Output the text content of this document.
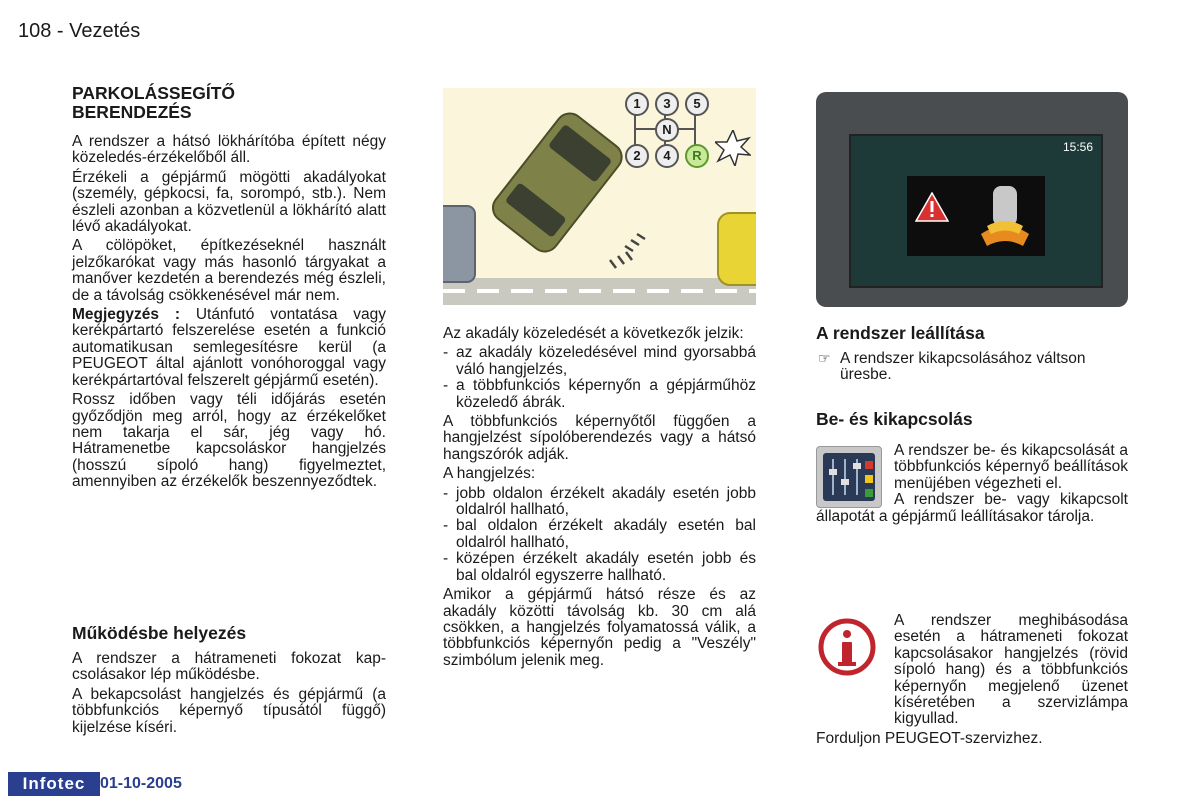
108 - Vezetés

PARKOLÁSSEGÍTŐ

BERENDEZÉS

A rendszer a hátsó lökhárítóba épített négy közeledés-érzékelőből áll.

Érzékeli a gépjármű mögötti akadályokat (személy, gépkocsi, fa, sorompó, stb.). Nem észleli azonban a közvetlenül a lökhárító alatt lévő akadályokat.

A cölöpöket, építkezéseknél használt jelzőkarókat vagy más hasonló tárgyakat a manőver kezdetén a berendezés még észleli, de a távolság csökkenésével már nem.

Megjegyzés : Utánfutó vontatása vagy kerékpártartó felszerelése esetén a funkció automatikusan semlegesítésre kerül (a PEUGEOT által ajánlott vonóhoroggal vagy kerékpártartóval felszerelt gépjármű esetén).

Rossz időben vagy téli időjárás esetén győződjön meg arról, hogy az érzékelőket nem takarja el sár, jég vagy hó. Hátramenetbe kapcsoláskor hangjelzés (hosszú sípoló hang) figyelmeztet, amennyiben az érzékelők beszennyeződtek.

Működésbe helyezés

A rendszer a hátrameneti fokozat kapcsolásakor lép működésbe.

A bekapcsolást hangjelzés és gépjármű (a többfunkciós képernyő típusától függő) kijelzése kíséri.

1	3	5
N
2	4	R

Az akadály közeledését a következők jelzik:

- az akadály közeledésével mind gyorsabbá váló hangjelzés,
- a többfunkciós képernyőn a gépjárműhöz közeledő ábrák.

A többfunkciós képernyőtől függően a hangjelzést sípolóberendezés vagy a hátsó hangszórók adják.

A hangjelzés:

- jobb oldalon érzékelt akadály esetén jobb oldalról hallható,
- bal oldalon érzékelt akadály esetén bal oldalról hallható,
- középen érzékelt akadály esetén jobb és bal oldalról egyszerre hallható.

Amikor a gépjármű hátsó része és az akadály közötti távolság kb. 30 cm alá csökken, a hangjelzés folyamatossá válik, a többfunkciós képernyőn pedig a "Veszély" szimbólum jelenik meg.

15:56

A rendszer leállítása

☞ A rendszer kikapcsolásához váltson üresbe.

Be- és kikapcsolás

A rendszer be- és kikapcsolását a többfunkciós képernyő beállítások menüjében végezheti el.

A rendszer be- vagy kikapcsolt állapotát a gépjármű leállításakor tárolja.

A rendszer meghibásodása esetén a hátrameneti fokozat kapcsolásakor hangjelzés (rövid sípoló hang) és a többfunkciós képernyőn megjelenő üzenet kíséretében a szervizlámpa kigyullad.

Forduljon PEUGEOT-szervizhez.

Infotec 01-10-2005
